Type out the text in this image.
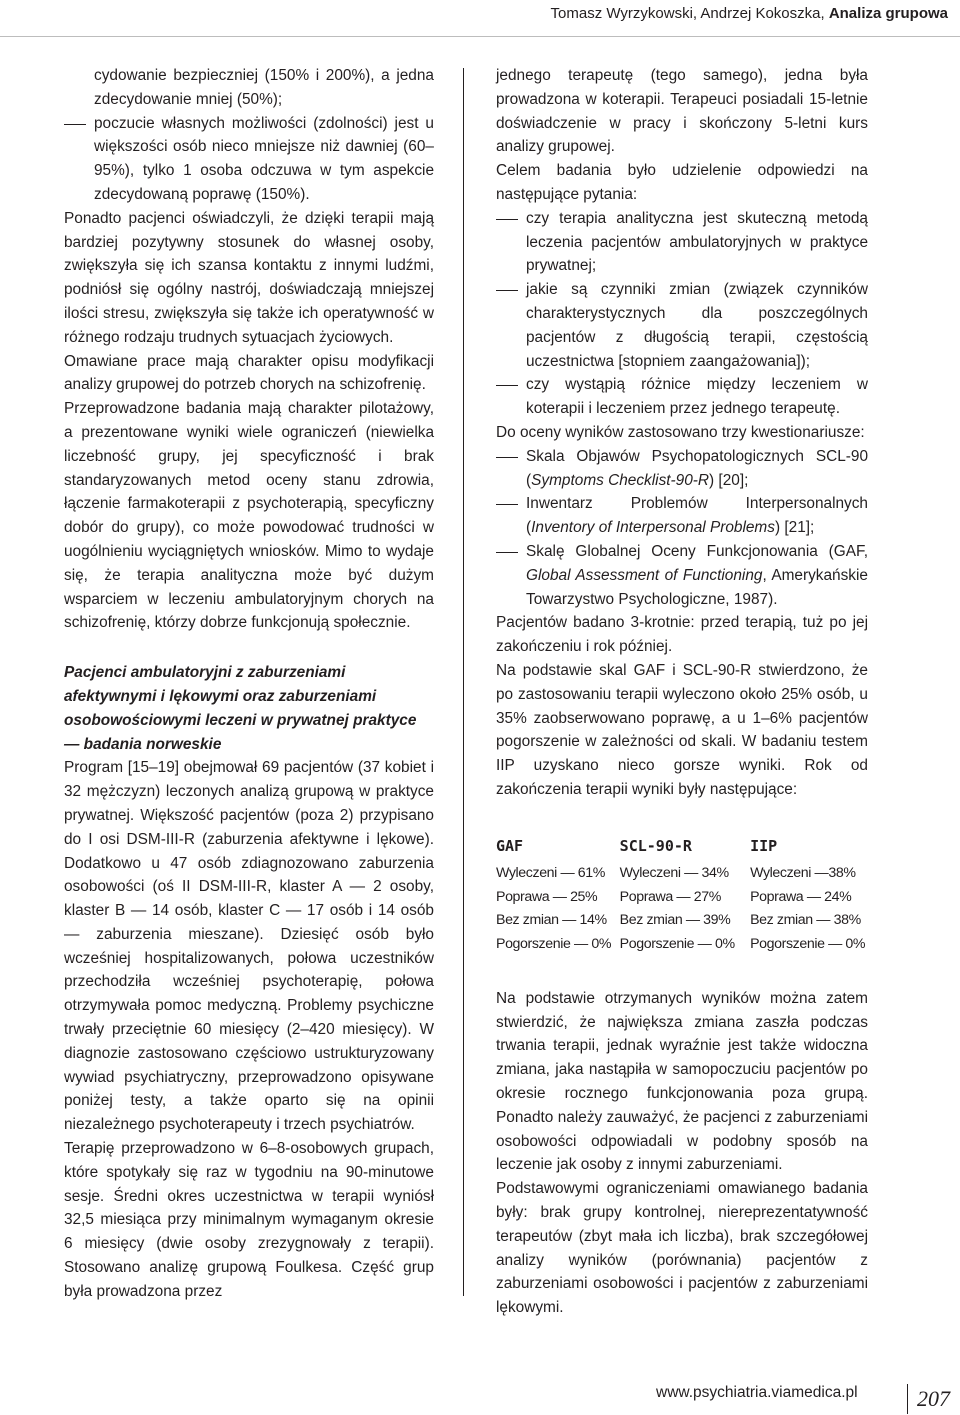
Tomasz Wyrzykowski, Andrzej Kokoszka, Analiza grupowa

cydowanie bezpieczniej (150% i 200%), a jedna zdecydowanie mniej (50%);

poczucie własnych możliwości (zdolności) jest u większości osób nieco mniejsze niż dawniej (60–95%), tylko 1 osoba odczuwa w tym aspekcie zdecydowaną poprawę (150%).

Ponadto pacjenci oświadczyli, że dzięki terapii mają bardziej pozytywny stosunek do własnej osoby, zwiększyła się ich szansa kontaktu z innymi ludźmi, podniósł się ogólny nastrój, doświadczają mniejszej ilości stresu, zwiększyła się także ich operatywność w różnego rodzaju trudnych sytuacjach życiowych.

Omawiane prace mają charakter opisu modyfikacji analizy grupowej do potrzeb chorych na schizofrenię.

Przeprowadzone badania mają charakter pilotażowy, a prezentowane wyniki wiele ograniczeń (niewielka liczebność grupy, jej specyficzność i brak standaryzowanych metod oceny stanu zdrowia, łączenie farmakoterapii z psychoterapią, specyficzny dobór do grupy), co może powodować trudności w uogólnieniu wyciągniętych wniosków. Mimo to wydaje się, że terapia analityczna może być dużym wsparciem w leczeniu ambulatoryjnym chorych na schizofrenię, którzy dobrze funkcjonują społecznie.

Pacjenci ambulatoryjni z zaburzeniami afektywnymi i lękowymi oraz zaburzeniami osobowościowymi leczeni w prywatnej praktyce — badania norweskie

Program [15–19] obejmował 69 pacjentów (37 kobiet i 32 mężczyzn) leczonych analizą grupową w praktyce prywatnej. Większość pacjentów (poza 2) przypisano do I osi DSM-III-R (zaburzenia afektywne i lękowe). Dodatkowo u 47 osób zdiagnozowano zaburzenia osobowości (oś II DSM-III-R, klaster A — 2 osoby, klaster B — 14 osób, klaster C — 17 osób i 14 osób — zaburzenia mieszane). Dziesięć osób było wcześniej hospitalizowanych, połowa uczestników przechodziła wcześniej psychoterapię, połowa otrzymywała pomoc medyczną. Problemy psychiczne trwały przeciętnie 60 miesięcy (2–420 miesięcy). W diagnozie zastosowano częściowo ustrukturyzowany wywiad psychiatryczny, przeprowadzono opisywane poniżej testy, a także oparto się na opinii niezależnego psychoterapeuty i trzech psychiatrów.

Terapię przeprowadzono w 6–8-osobowych grupach, które spotykały się raz w tygodniu na 90-minutowe sesje. Średni okres uczestnictwa w terapii wyniósł 32,5 miesiąca przy minimalnym wymaganym okresie 6 miesięcy (dwie osoby zrezygnowały z terapii). Stosowano analizę grupową Foulkesa. Część grup była prowadzona przez

jednego terapeutę (tego samego), jedna była prowadzona w koterapii. Terapeuci posiadali 15-letnie doświadczenie w pracy i skończony 5-letni kurs analizy grupowej.

Celem badania było udzielenie odpowiedzi na następujące pytania:

czy terapia analityczna jest skuteczną metodą leczenia pacjentów ambulatoryjnych w praktyce prywatnej;

jakie są czynniki zmian (związek czynników charakterystycznych dla poszczególnych pacjentów z długością terapii, częstością uczestnictwa [stopniem zaangażowania]);

czy wystąpią różnice między leczeniem w koterapii i leczeniem przez jednego terapeutę.

Do oceny wyników zastosowano trzy kwestionariusze:

Skala Objawów Psychopatologicznych SCL-90 (Symptoms Checklist-90-R) [20];

Inwentarz Problemów Interpersonalnych (Inventory of Interpersonal Problems) [21];

Skalę Globalnej Oceny Funkcjonowania (GAF, Global Assessment of Functioning, Amerykańskie Towarzystwo Psychologiczne, 1987).

Pacjentów badano 3-krotnie: przed terapią, tuż po jej zakończeniu i rok później.

Na podstawie skal GAF i SCL-90-R stwierdzono, że po zastosowaniu terapii wyleczono około 25% osób, u 35% zaobserwowano poprawę, a u 1–6% pacjentów pogorszenie w zależności od skali. W badaniu testem IIP uzyskano nieco gorsze wyniki. Rok od zakończenia terapii wyniki były następujące:

GAF	SCL-90-R	IIP
Wyleczeni — 61%	Wyleczeni — 34%	Wyleczeni —38%
Poprawa — 25%	Poprawa — 27%	Poprawa — 24%
Bez zmian — 14%	Bez zmian — 39%	Bez zmian — 38%
Pogorszenie — 0%	Pogorszenie — 0%	Pogorszenie — 0%

Na podstawie otrzymanych wyników można zatem stwierdzić, że największa zmiana zaszła podczas trwania terapii, jednak wyraźnie jest także widoczna zmiana, jaka nastąpiła w samopoczuciu pacjentów po okresie rocznego funkcjonowania poza grupą. Ponadto należy zauważyć, że pacjenci z zaburzeniami osobowości odpowiadali w podobny sposób na leczenie jak osoby z innymi zaburzeniami.

Podstawowymi ograniczeniami omawianego badania były: brak grupy kontrolnej, niereprezentatywność terapeutów (zbyt mała ich liczba), brak szczegółowej analizy wyników (porównania) pacjentów z zaburzeniami osobowości i pacjentów z zaburzeniami lękowymi.

www.psychiatria.viamedica.pl	207
